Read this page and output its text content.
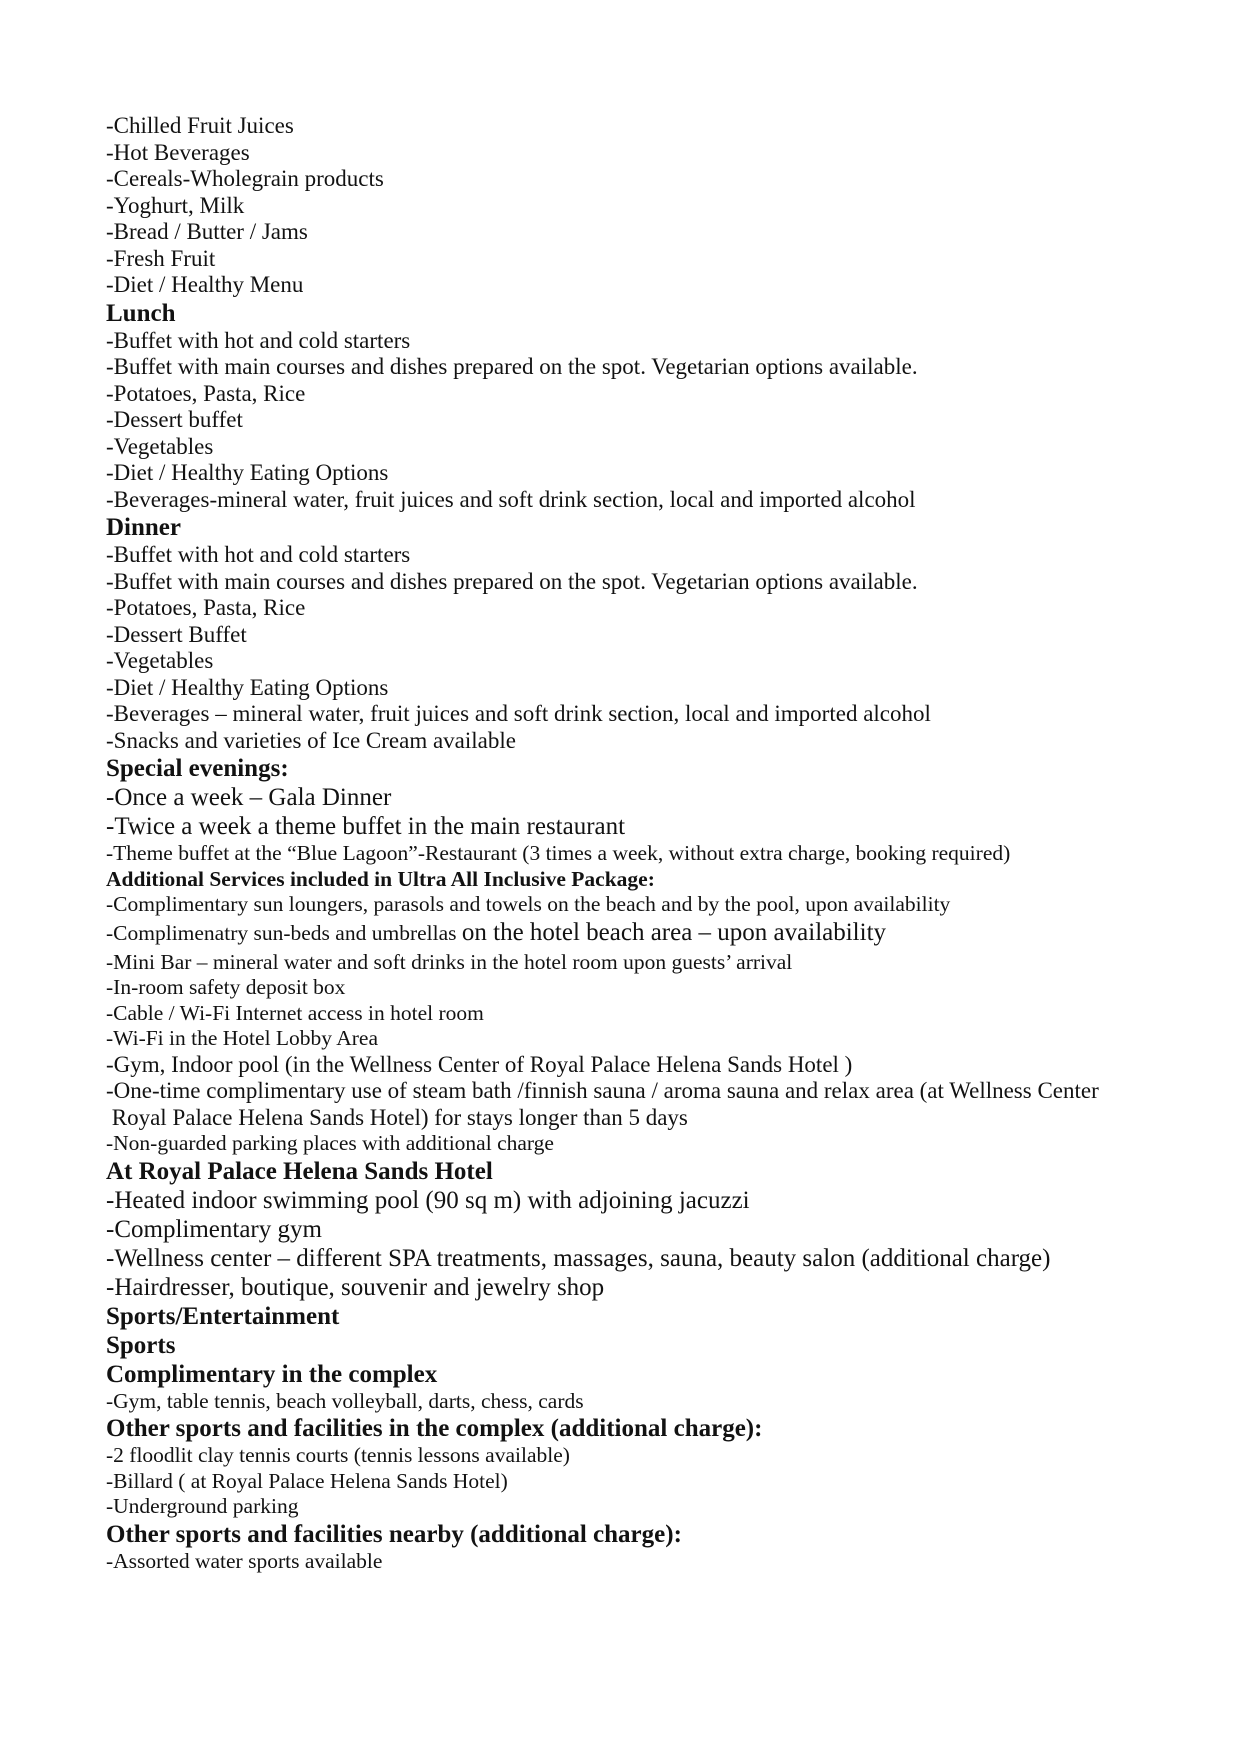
-Chilled Fruit Juices

-Hot Beverages

-Cereals-Wholegrain products

-Yoghurt, Milk

-Bread / Butter / Jams

-Fresh Fruit

-Diet / Healthy Menu

Lunch

-Buffet with hot and cold starters

-Buffet with main courses and dishes prepared on the spot. Vegetarian options available.

-Potatoes, Pasta, Rice

-Dessert buffet

-Vegetables

-Diet / Healthy Eating Options

-Beverages-mineral water, fruit juices and soft drink section, local and imported alcohol

Dinner

-Buffet with hot and cold starters

-Buffet with main courses and dishes prepared on the spot. Vegetarian options available.

-Potatoes, Pasta, Rice

-Dessert Buffet

-Vegetables

-Diet / Healthy Eating Options

-Beverages – mineral water, fruit juices and soft drink section, local and imported alcohol

-Snacks and varieties of Ice Cream available

Special evenings:

-Once a week – Gala Dinner

-Twice a week a theme buffet in the main restaurant

-Theme buffet at the “Blue Lagoon”-Restaurant (3 times a week, without extra charge, booking required)

Additional Services included in Ultra All Inclusive Package:

-Complimentary sun loungers, parasols and towels on the beach and by the pool, upon availability

-Complimenatry sun-beds and umbrellas on the hotel beach area – upon availability

-Mini Bar – mineral water and soft drinks in the hotel room upon guests’ arrival

-In-room safety deposit box

-Cable / Wi-Fi Internet access in hotel room

-Wi-Fi in the Hotel Lobby Area

-Gym, Indoor pool (in the Wellness Center of Royal Palace Helena Sands Hotel )

-One-time complimentary use of steam bath /finnish sauna / aroma sauna and relax area (at Wellness Center

Royal Palace Helena Sands Hotel) for stays longer than 5 days

-Non-guarded parking places with additional charge

At Royal Palace Helena Sands Hotel

-Heated indoor swimming pool (90 sq m) with adjoining jacuzzi

-Complimentary gym

-Wellness center – different SPA treatments, massages, sauna, beauty salon (additional charge)

-Hairdresser, boutique, souvenir and jewelry shop

Sports/Entertainment

Sports

Complimentary in the complex

-Gym, table tennis, beach volleyball, darts, chess, cards

Other sports and facilities in the complex (additional charge):

-2 floodlit clay tennis courts (tennis lessons available)

-Billard ( at Royal Palace Helena Sands Hotel)

-Underground parking

Other sports and facilities nearby (additional charge):

-Assorted water sports available
